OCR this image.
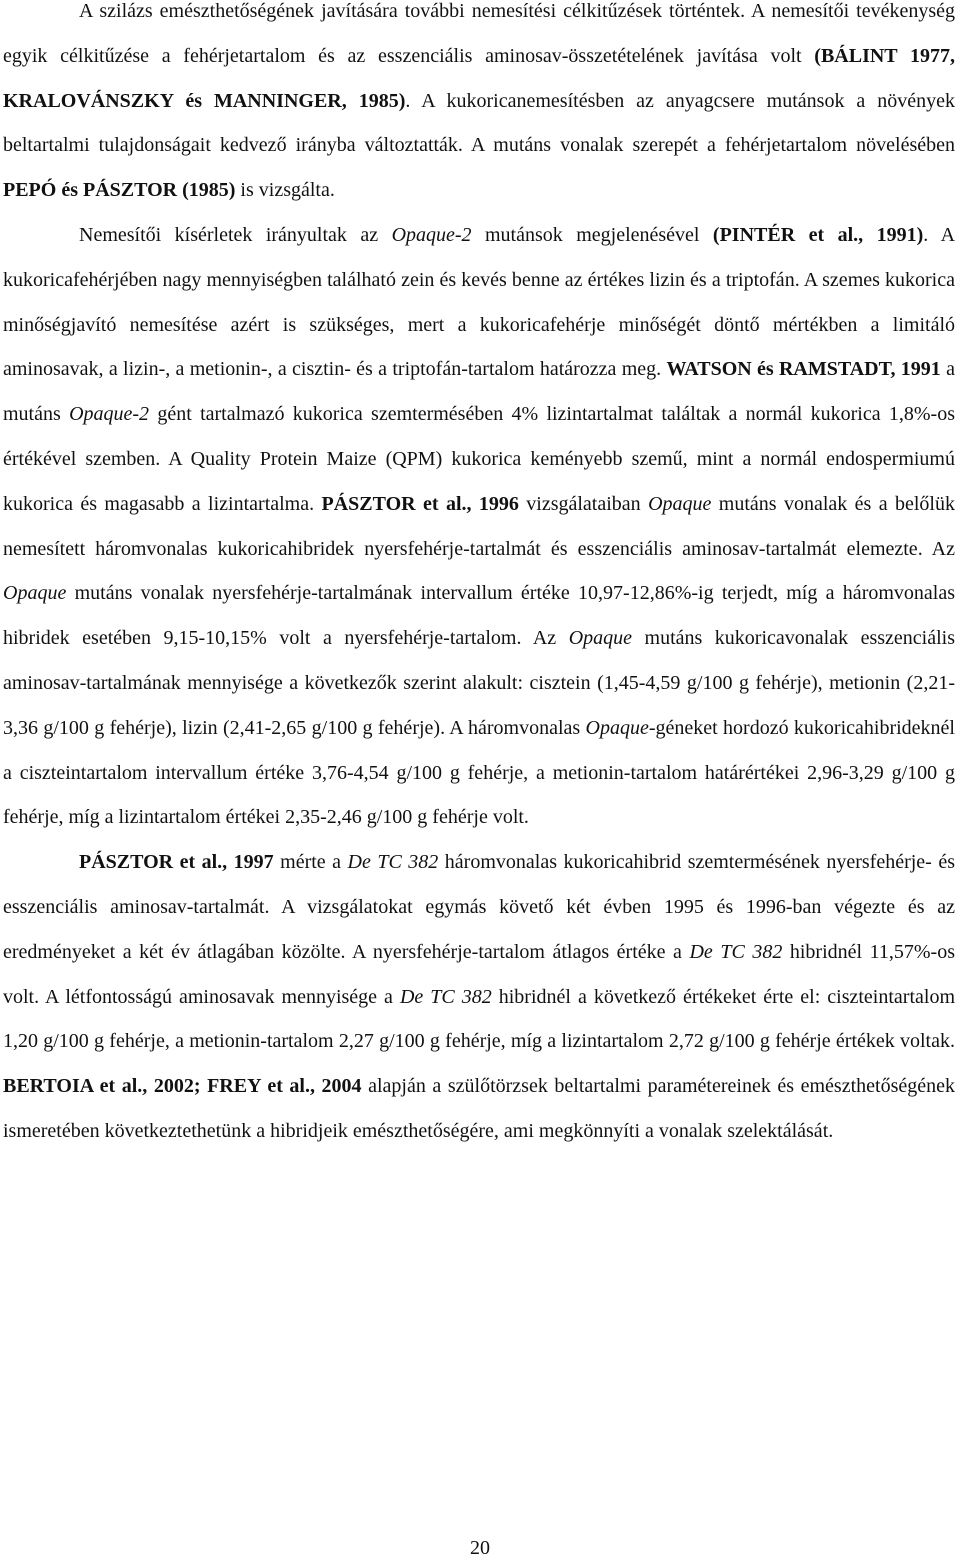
A szilázs emészthetőségének javítására további nemesítési célkitűzések történtek. A nemesítői tevékenység egyik célkitűzése a fehérjetartalom és az esszenciális aminosav-összetételének javítása volt (BÁLINT 1977, KRALOVÁNSZKY és MANNINGER, 1985). A kukoricanemesítésben az anyagcsere mutánsok a növények beltartalmi tulajdonságait kedvező irányba változtatták. A mutáns vonalak szerepét a fehérjetartalom növelésében PEPÓ és PÁSZTOR (1985) is vizsgálta.

Nemesítői kísérletek irányultak az Opaque-2 mutánsok megjelenésével (PINTÉR et al., 1991). A kukoricafehérjében nagy mennyiségben található zein és kevés benne az értékes lizin és a triptofán. A szemes kukorica minőségjavító nemesítése azért is szükséges, mert a kukoricafehérje minőségét döntő mértékben a limitáló aminosavak, a lizin-, a metionin-, a cisztin- és a triptofán-tartalom határozza meg. WATSON és RAMSTADT, 1991 a mutáns Opaque-2 gént tartalmazó kukorica szemtermésében 4% lizintartalmat találtak a normál kukorica 1,8%-os értékével szemben. A Quality Protein Maize (QPM) kukorica keményebb szemű, mint a normál endospermiumú kukorica és magasabb a lizintartalma. PÁSZTOR et al., 1996 vizsgálataiban Opaque mutáns vonalak és a belőlük nemesített háromvonalas kukoricahibridek nyersfehérje-tartalmát és esszenciális aminosav-tartalmát elemezte. Az Opaque mutáns vonalak nyersfehérje-tartalmának intervallum értéke 10,97-12,86%-ig terjedt, míg a háromvonalas hibridek esetében 9,15-10,15% volt a nyersfehérje-tartalom. Az Opaque mutáns kukoricavonalak esszenciális aminosav-tartalmának mennyisége a következők szerint alakult: cisztein (1,45-4,59 g/100 g fehérje), metionin (2,21-3,36 g/100 g fehérje), lizin (2,41-2,65 g/100 g fehérje). A háromvonalas Opaque-géneket hordozó kukoricahibrideknél a ciszteintartalom intervallum értéke 3,76-4,54 g/100 g fehérje, a metionin-tartalom határértékei 2,96-3,29 g/100 g fehérje, míg a lizintartalom értékei 2,35-2,46 g/100 g fehérje volt.

PÁSZTOR et al., 1997 mérte a De TC 382 háromvonalas kukoricahibrid szemtermésének nyersfehérje- és esszenciális aminosav-tartalmát. A vizsgálatokat egymás követő két évben 1995 és 1996-ban végezte és az eredményeket a két év átlagában közölte. A nyersfehérje-tartalom átlagos értéke a De TC 382 hibridnél 11,57%-os volt. A létfontosságú aminosavak mennyisége a De TC 382 hibridnél a következő értékeket érte el: ciszteintartalom 1,20 g/100 g fehérje, a metionin-tartalom 2,27 g/100 g fehérje, míg a lizintartalom 2,72 g/100 g fehérje értékek voltak. BERTOIA et al., 2002; FREY et al., 2004 alapján a szülőtörzsek beltartalmi paramétereinek és emészthetőségének ismeretében következtethetünk a hibridjeik emészthetőségére, ami megkönnyíti a vonalak szelektálását.

20
